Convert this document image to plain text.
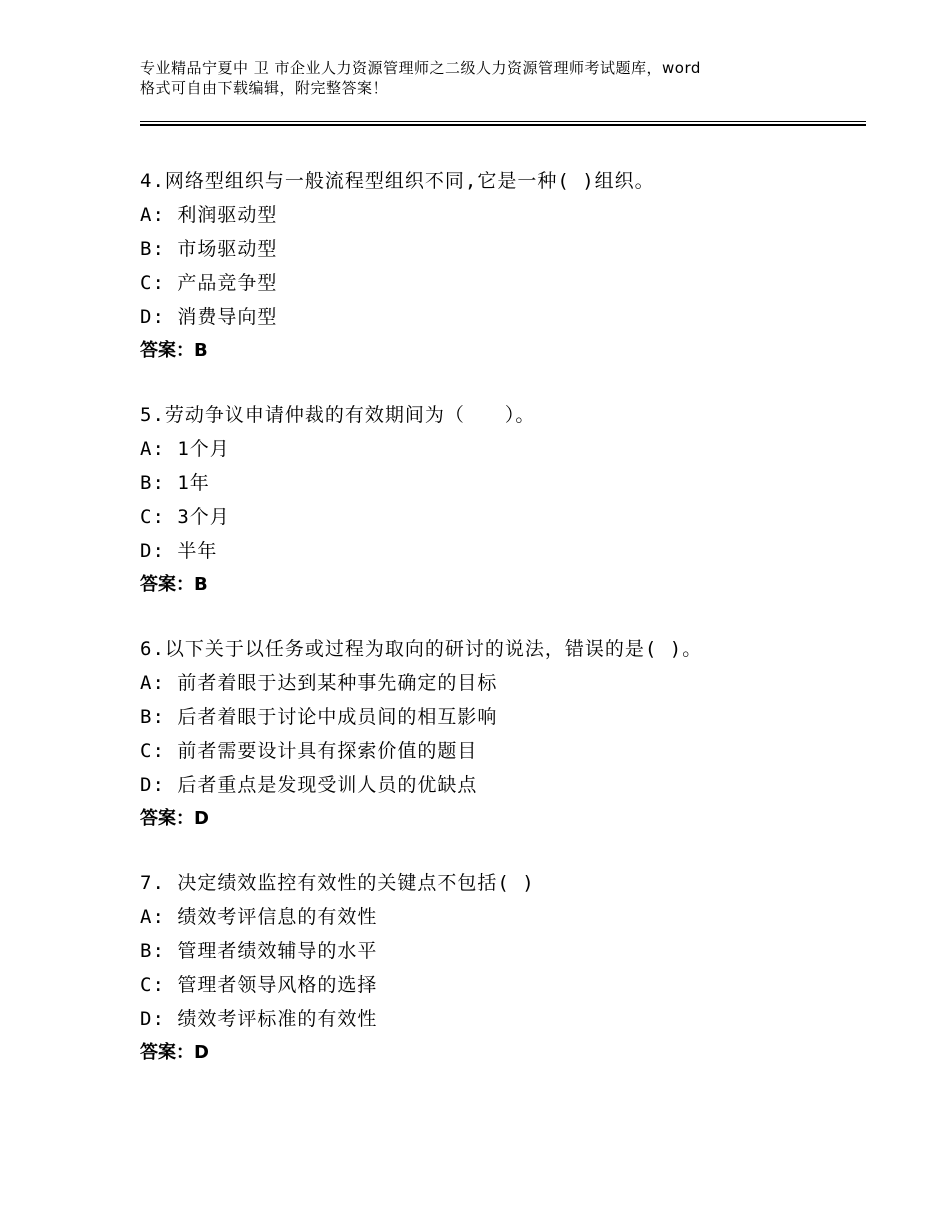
专业精品宁夏中 卫 市企业人力资源管理师之二级人力资源管理师考试题库，word
格式可自由下载编辑，附完整答案！
4.网络型组织与一般流程型组织不同,它是一种( )组织。
A: 利润驱动型
B: 市场驱动型
C: 产品竞争型
D: 消费导向型
答案：B
5.劳动争议申请仲裁的有效期间为（　　）。
A: 1个月
B: 1年
C: 3个月
D: 半年
答案：B
6.以下关于以任务或过程为取向的研讨的说法，错误的是( )。
A: 前者着眼于达到某种事先确定的目标
B: 后者着眼于讨论中成员间的相互影响
C: 前者需要设计具有探索价值的题目
D: 后者重点是发现受训人员的优缺点
答案：D
7. 决定绩效监控有效性的关键点不包括( )
A: 绩效考评信息的有效性
B: 管理者绩效辅导的水平
C: 管理者领导风格的选择
D: 绩效考评标准的有效性
答案：D
